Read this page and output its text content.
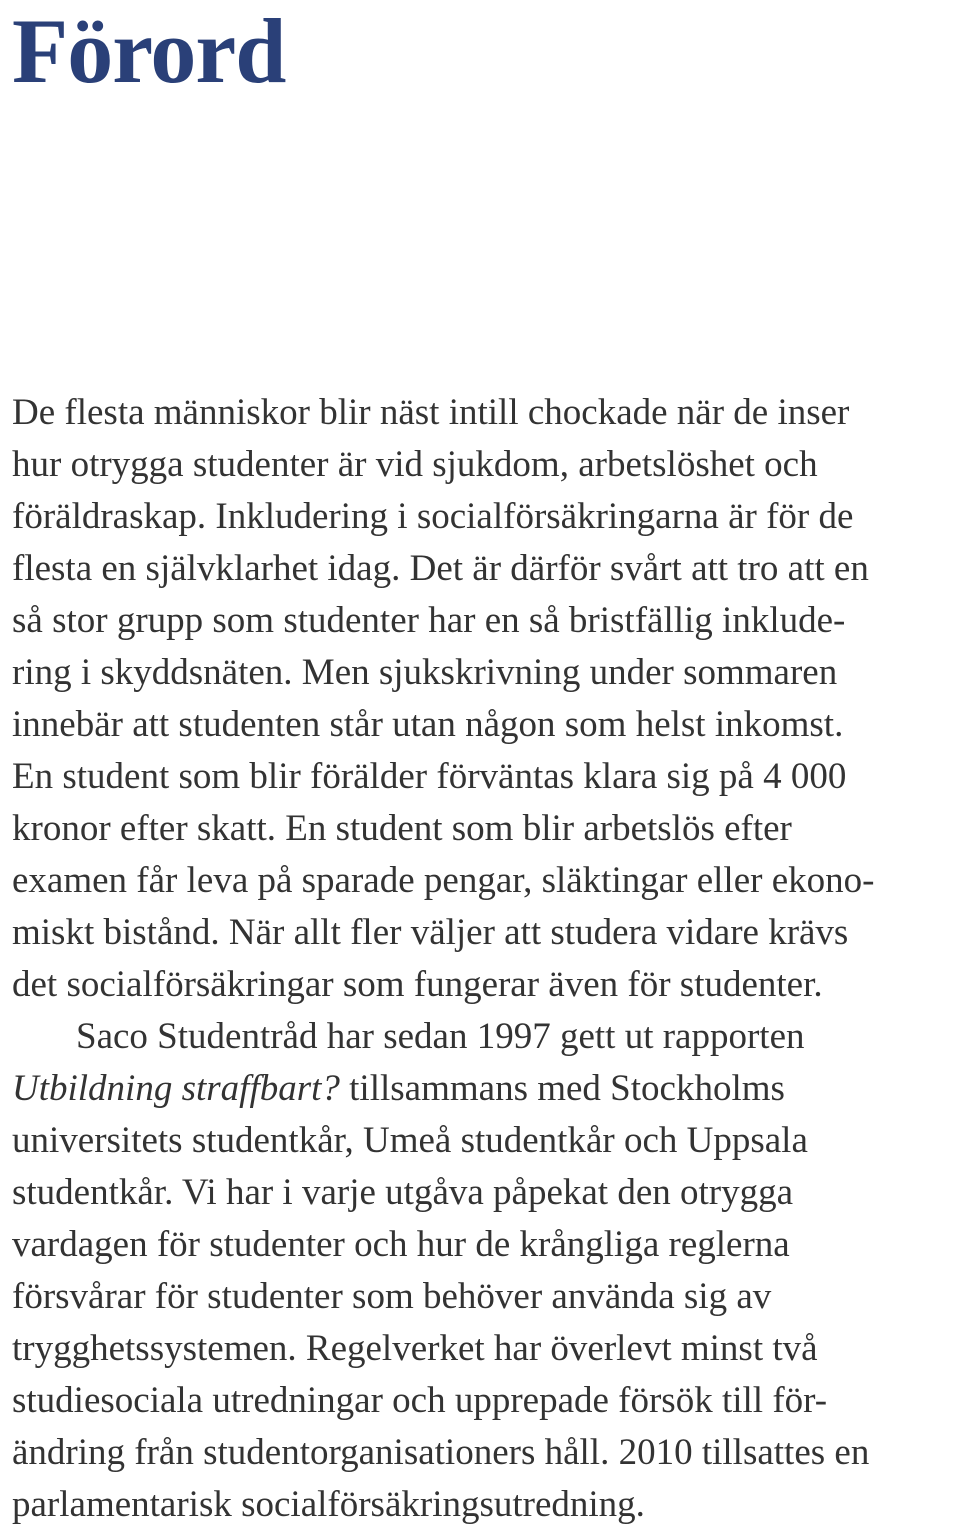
Förord
De flesta människor blir näst intill chockade när de inser
hur otrygga studenter är vid sjukdom, arbetslöshet och
föräldraskap. Inkludering i socialförsäkringarna är för de
flesta en självklarhet idag. Det är därför svårt att tro att en
så stor grupp som studenter har en så bristfällig inklude-
ring i skyddsnäten. Men sjukskrivning under sommaren
innebär att studenten står utan någon som helst inkomst.
En student som blir förälder förväntas klara sig på 4 000
kronor efter skatt. En student som blir arbetslös efter
examen får leva på sparade pengar, släktingar eller ekono-
miskt bistånd. När allt fler väljer att studera vidare krävs
det socialförsäkringar som fungerar även för studenter.
Saco Studentråd har sedan 1997 gett ut rapporten
Utbildning straffbart? tillsammans med Stockholms
universitets studentkår, Umeå studentkår och Uppsala
studentkår. Vi har i varje utgåva påpekat den otrygga
vardagen för studenter och hur de krångliga reglerna
försvårar för studenter som behöver använda sig av
trygghetssystemen. Regelverket har överlevt minst två
studiesociala utredningar och upprepade försök till för-
ändring från studentorganisationers håll. 2010 tillsattes en
parlamentarisk socialförsäkringsutredning.
